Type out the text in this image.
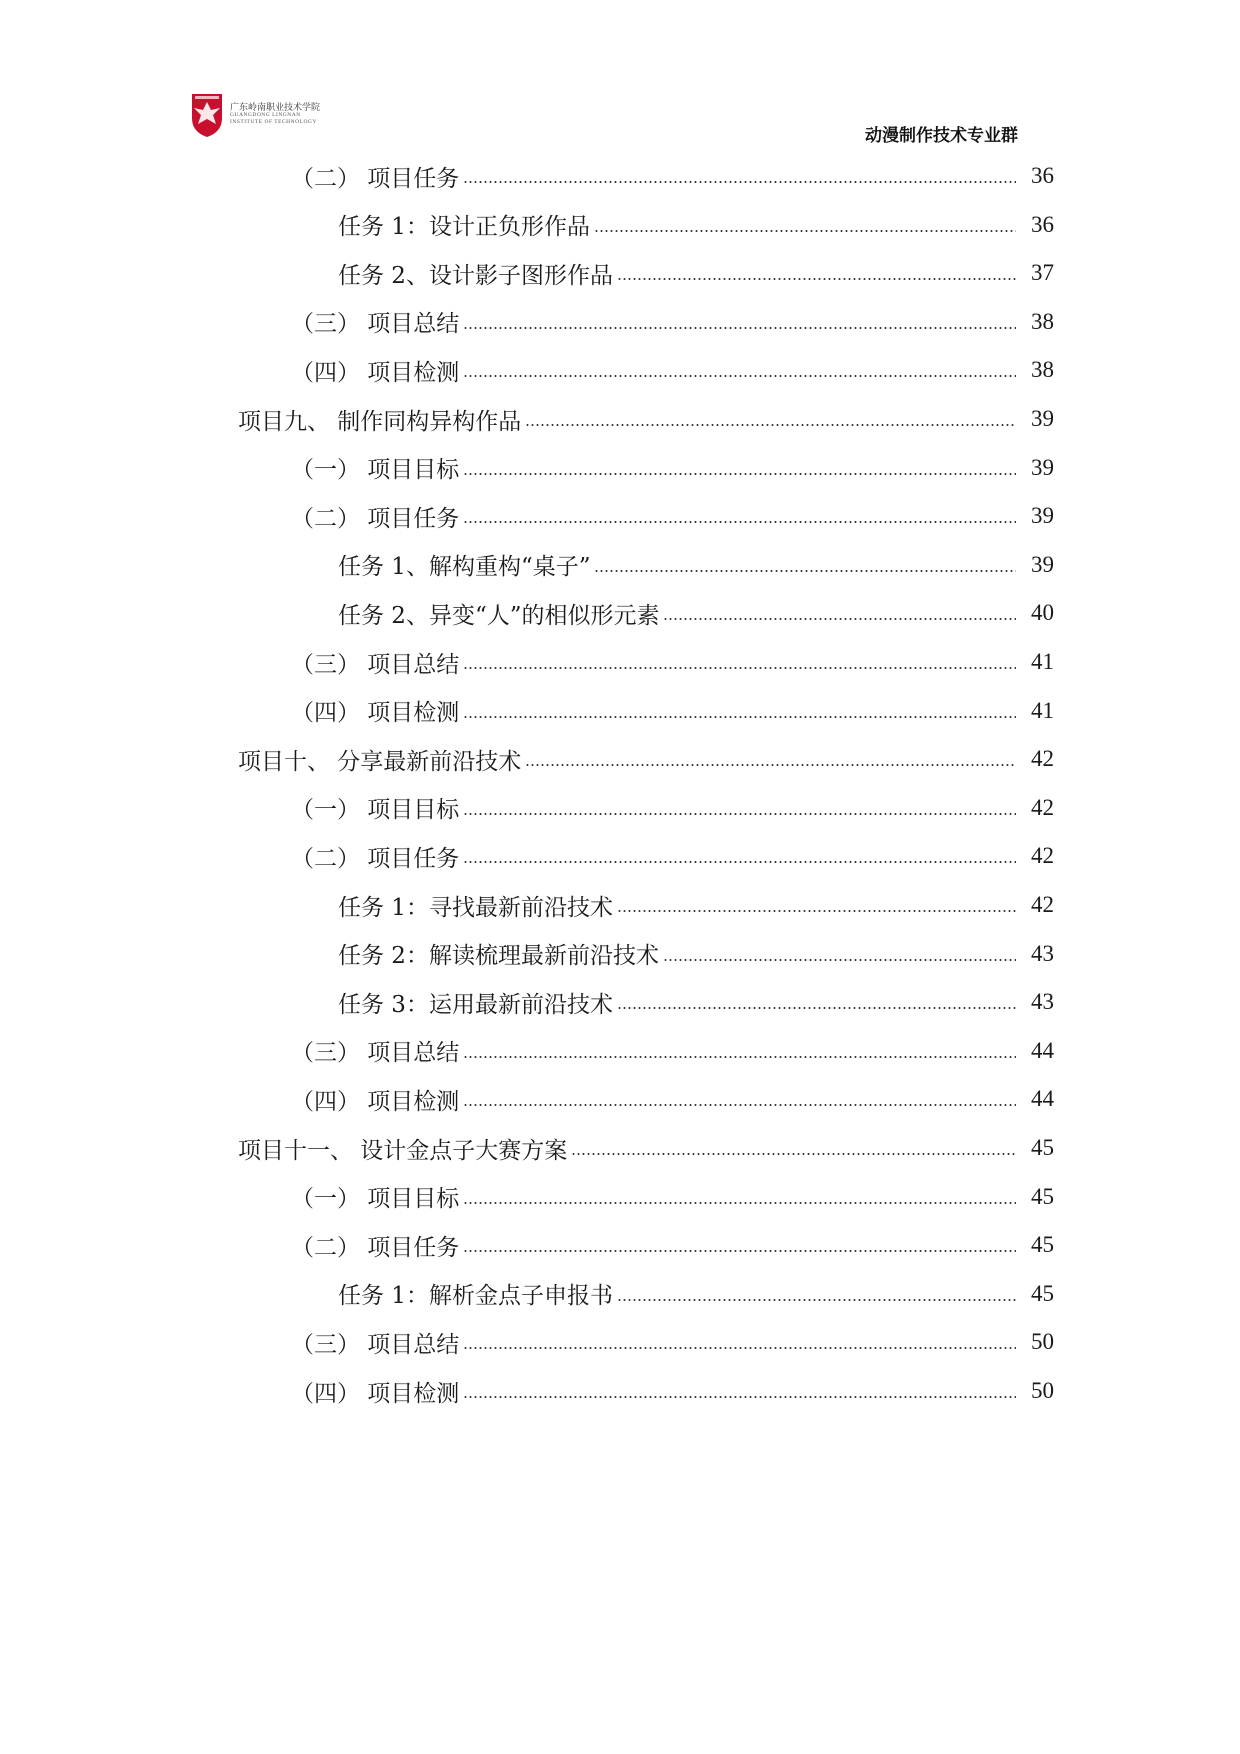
广东岭南职业技术学院
GUANGDONG LINGNAN
INSTITUTE OF TECHNOLOGY
动漫制作技术专业群
（二） 项目任务	36
任务 1：设计正负形作品	36
任务 2、设计影子图形作品	37
（三） 项目总结	38
（四） 项目检测	38
项目九、 制作同构异构作品	39
（一） 项目目标	39
（二） 项目任务	39
任务 1、解构重构“桌子”	39
任务 2、异变“人”的相似形元素	40
（三） 项目总结	41
（四） 项目检测	41
项目十、 分享最新前沿技术	42
（一） 项目目标	42
（二） 项目任务	42
任务 1：寻找最新前沿技术	42
任务 2：解读梳理最新前沿技术	43
任务 3：运用最新前沿技术	43
（三） 项目总结	44
（四） 项目检测	44
项目十一、 设计金点子大赛方案	45
（一） 项目目标	45
（二） 项目任务	45
任务 1：解析金点子申报书	45
（三） 项目总结	50
（四） 项目检测	50
